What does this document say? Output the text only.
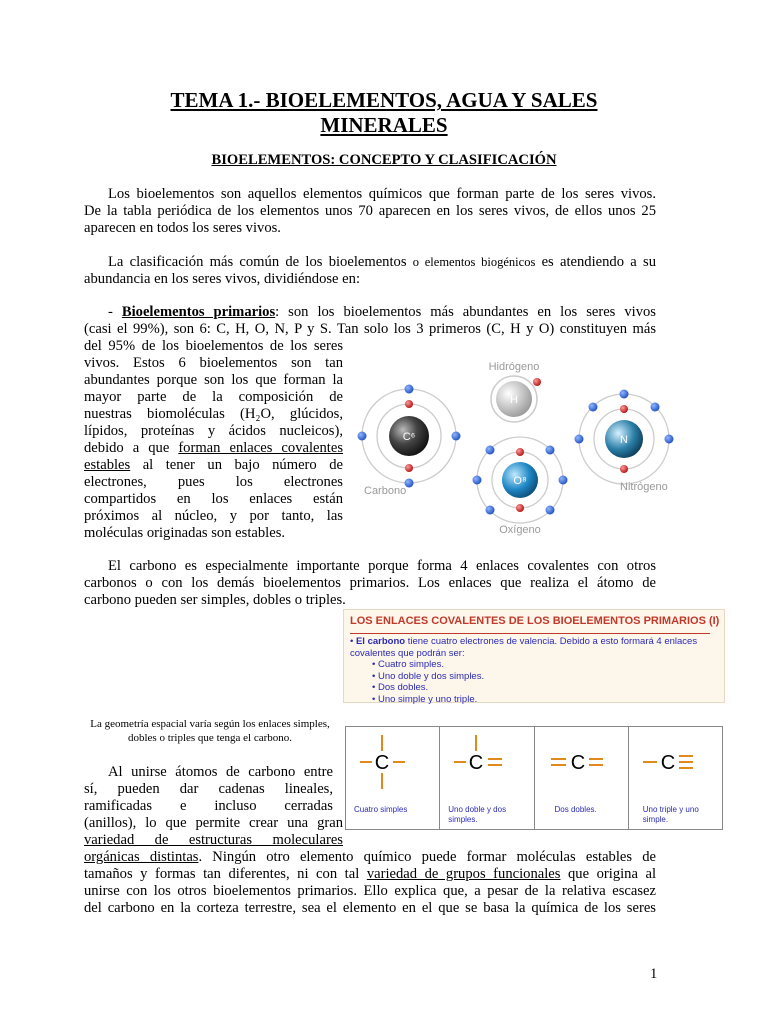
TEMA 1.- BIOELEMENTOS, AGUA Y SALES
MINERALES
BIOELEMENTOS: CONCEPTO Y CLASIFICACIÓN
Los bioelementos son aquellos elementos químicos que forman parte de los seres vivos.
De la tabla periódica de los elementos unos 70 aparecen en los seres vivos, de ellos unos 25
aparecen en todos los seres vivos.
La clasificación más común de los bioelementos o elementos biogénicos es atendiendo a su
abundancia en los seres vivos, dividiéndose en:
- Bioelementos primarios: son los bioelementos más abundantes en los seres vivos
(casi el 99%), son 6: C, H, O, N, P y S. Tan solo los 3 primeros (C, H y O) constituyen más
del 95% de los bioelementos de los seres
vivos. Estos 6 bioelementos son tan
abundantes porque son los que forman la
mayor parte de la composición de
nuestras biomoléculas (H₂O, glúcidos,
lípidos, proteínas y ácidos nucleicos),
debido a que forman enlaces covalentes
estables al tener un bajo número de
electrones, pues los electrones
compartidos en los enlaces están
próximos al núcleo, y por tanto, las
moléculas originadas son estables.
Hidrógeno
H
C⁶
Carbono
O⁸
Oxígeno
N
Nitrógeno
El carbono es especialmente importante porque forma 4 enlaces covalentes con otros
carbonos o con los demás bioelementos primarios. Los enlaces que realiza el átomo de
carbono pueden ser simples, dobles o triples.
LOS ENLACES COVALENTES DE LOS BIOELEMENTOS PRIMARIOS (I)
• El carbono tiene cuatro electrones de valencia. Debido a esto formará 4 enlaces
covalentes que podrán ser:
• Cuatro simples.
• Uno doble y dos simples.
• Dos dobles.
• Uno simple y uno triple.
La geometría espacial varía según los enlaces simples, dobles o triples que tenga el carbono.
C
Cuatro simples
C
Uno doble y dos simples.
C
Dos dobles.
C
Uno triple y uno simple.
Al unirse átomos de carbono entre
sí, pueden dar cadenas lineales,
ramificadas e incluso cerradas
(anillos), lo que permite crear una gran
variedad de estructuras moleculares
orgánicas distintas. Ningún otro elemento químico puede formar moléculas estables de
tamaños y formas tan diferentes, ni con tal variedad de grupos funcionales que origina al
unirse con los otros bioelementos primarios. Ello explica que, a pesar de la relativa escasez
del carbono en la corteza terrestre, sea el elemento en el que se basa la química de los seres
1
